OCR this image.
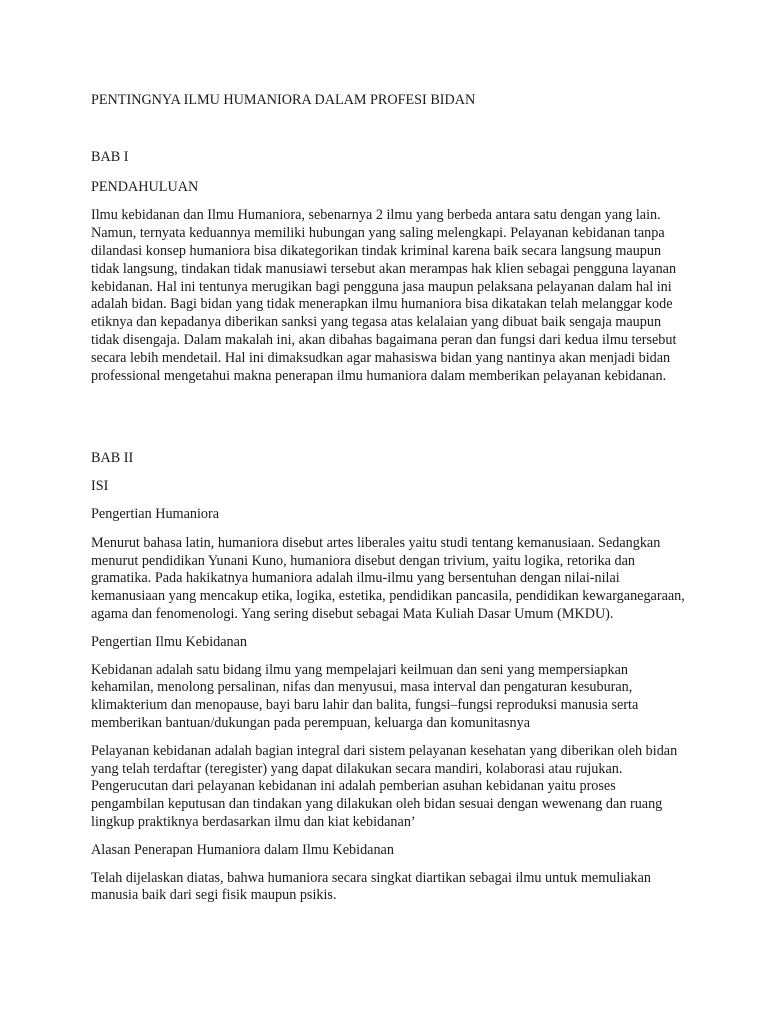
PENTINGNYA ILMU HUMANIORA DALAM PROFESI BIDAN
BAB I
PENDAHULUAN

Ilmu kebidanan dan Ilmu Humaniora, sebenarnya 2 ilmu yang berbeda antara satu dengan yang lain. Namun, ternyata keduannya memiliki hubungan yang saling melengkapi. Pelayanan kebidanan tanpa dilandasi konsep humaniora bisa dikategorikan tindak kriminal karena baik secara langsung maupun tidak langsung, tindakan tidak manusiawi tersebut akan merampas hak klien sebagai pengguna layanan kebidanan. Hal ini tentunya merugikan bagi pengguna jasa maupun pelaksana pelayanan dalam hal ini adalah bidan. Bagi bidan yang tidak menerapkan ilmu humaniora bisa dikatakan telah melanggar kode etiknya dan kepadanya diberikan sanksi yang tegasa atas kelalaian yang dibuat baik sengaja maupun tidak disengaja. Dalam makalah ini, akan dibahas bagaimana peran dan fungsi dari kedua ilmu tersebut secara lebih mendetail. Hal ini dimaksudkan agar mahasiswa bidan yang nantinya akan menjadi bidan professional mengetahui makna penerapan ilmu humaniora dalam memberikan pelayanan kebidanan.

BAB II
ISI
Pengertian Humaniora

Menurut bahasa latin, humaniora disebut artes liberales yaitu studi tentang kemanusiaan. Sedangkan menurut pendidikan Yunani Kuno, humaniora disebut dengan trivium, yaitu logika, retorika dan gramatika. Pada hakikatnya humaniora adalah ilmu-ilmu yang bersentuhan dengan nilai-nilai kemanusiaan yang mencakup etika, logika, estetika, pendidikan pancasila, pendidikan kewarganegaraan, agama dan fenomenologi. Yang sering disebut sebagai Mata Kuliah Dasar Umum (MKDU).

Pengertian Ilmu Kebidanan

Kebidanan adalah satu bidang ilmu yang mempelajari keilmuan dan seni yang mempersiapkan kehamilan, menolong persalinan, nifas dan menyusui, masa interval dan pengaturan kesuburan, klimakterium dan menopause, bayi baru lahir dan balita, fungsi–fungsi reproduksi manusia serta memberikan bantuan/dukungan pada perempuan, keluarga dan komunitasnya

Pelayanan kebidanan adalah bagian integral dari sistem pelayanan kesehatan yang diberikan oleh bidan yang telah terdaftar (teregister) yang dapat dilakukan secara mandiri, kolaborasi atau rujukan. Pengerucutan dari pelayanan kebidanan ini adalah pemberian asuhan kebidanan yaitu proses pengambilan keputusan dan tindakan yang dilakukan oleh bidan sesuai dengan wewenang dan ruang lingkup praktiknya berdasarkan ilmu dan kiat kebidanan’

Alasan Penerapan Humaniora dalam Ilmu Kebidanan

Telah dijelaskan diatas, bahwa humaniora secara singkat diartikan sebagai ilmu untuk memuliakan manusia baik dari segi fisik maupun psikis.
